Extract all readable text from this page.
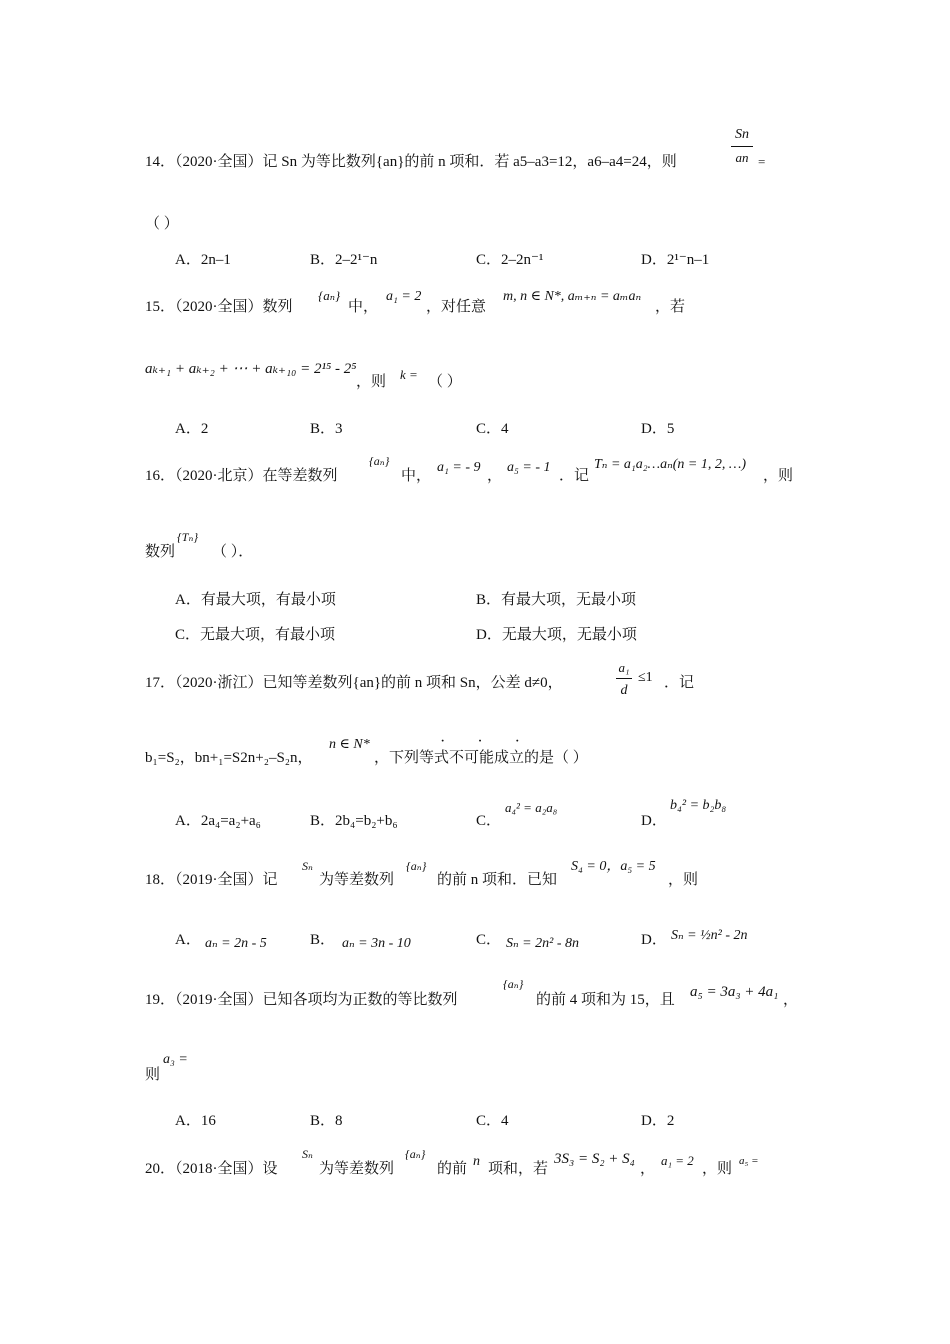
14．（2020·全国）记 Sn 为等比数列{an}的前 n 项和．若 a5–a3=12，a6–a4=24，则
Sn
an =
（ ）
A．2n–1	B．2–2¹⁻n	C．2–2n⁻¹	D．2¹⁻n–1
15．（2020·全国）数列
{aₙ}
中，
a₁ = 2
，对任意
m, n ∈ N*, aₘ₊ₙ = aₘaₙ
，若
aₖ₊₁ + aₖ₊₂ + ⋯ + aₖ₊₁₀ = 2¹⁵ - 2⁵
，则 k = （ ）
A．2	B．3	C．4	D．5
16．（2020·北京）在等差数列
{aₙ}
中，
a₁ = - 9
，
a₅ = - 1
．记
Tₙ = a₁a₂…aₙ(n = 1, 2, …)
，则
数列
{Tₙ}
（ ）．
A．有最大项，有最小项	B．有最大项，无最小项
C．无最大项，有最小项	D．无最大项，无最小项
17．（2020·浙江）已知等差数列{an}的前 n 项和 Sn，公差 d≠0，
a₁
d
≤1 ．记
b₁=S₂，bn+₁=S2n+₂–S₂n，
n ∈ N*
，下列等式不可能成立的是（ ）
· · ·
A．2a₄=a₂+a₆	B．2b₄=b₂+b₆	C．
a₄² = a₂a₈
D．
b₄² = b₂b₈
18．（2019·全国）记
Sₙ
为等差数列
{aₙ}
的前 n 项和．已知
S₄ = 0，a₅ = 5
，则
A． aₙ = 2n - 5	B． aₙ = 3n - 10	C． Sₙ = 2n² - 8n	D． Sₙ = ½n² - 2n
19．（2019·全国）已知各项均为正数的等比数列
{aₙ}
的前 4 项和为 15，且 a₅ = 3a₃ + 4a₁ ，
则
a₃ =
A．16	B．8	C．4	D．2
20．（2018·全国）设
Sₙ
为等差数列
{aₙ}
的前 n 项和，若
3S₃ = S₂ + S₄
，
a₁ = 2
，则 a₅ =
